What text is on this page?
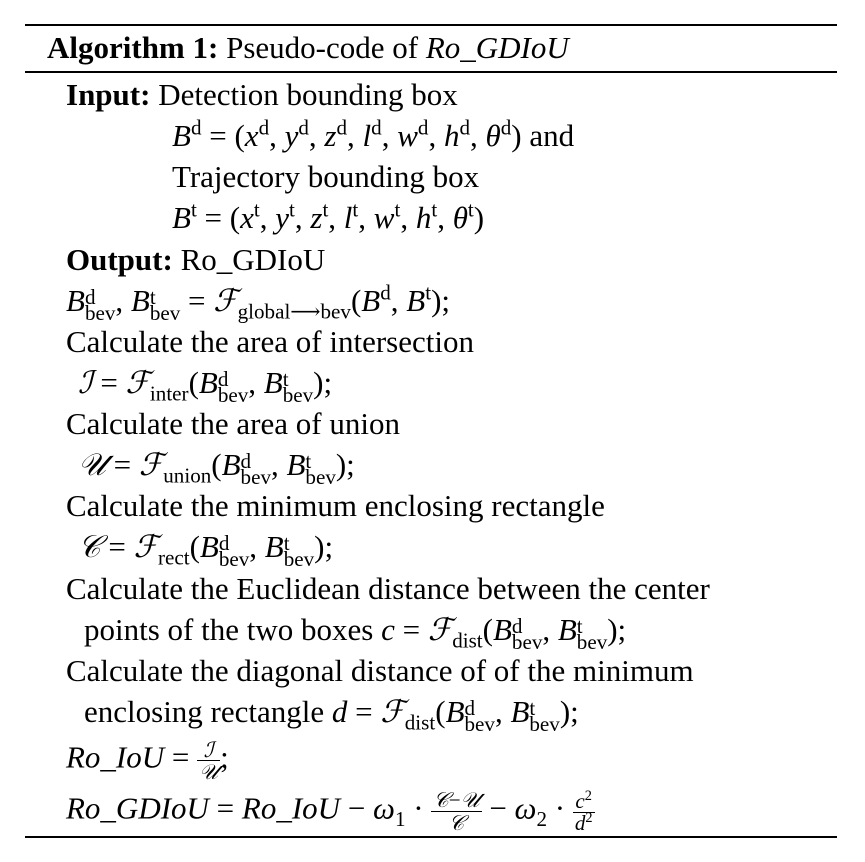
Algorithm 1: Pseudo-code of Ro_GDIoU
Input: Detection bounding box
$B^d = (x^d$, $y^d$, $z^d$, $l^d$, $w^d$, $h^d$, $\theta^d$) and
Trajectory bounding box
$B^t = (x^t$, $y^t$, $z^t$, $l^t$, $w^t$, $h^t$, $\theta^t$)
Output: Ro_GDIoU
B d
bev , B t
bev = $ℱ_{global⟶bev}(B^d$, $B^t$);
Calculate the area of intersection
ℐ = ℱ$_{inter}$(B d
bev , B t
bev );
Calculate the area of union
𝒰 = ℱ$_{union}$(B d
bev , B t
bev );
Calculate the minimum enclosing rectangle
𝒞 = ℱ$_{rect}$(B d
bev , B t
bev );
Calculate the Euclidean distance between the center
points of the two boxes c = ℱ$_{dist}$(B d
bev , B t
bev );
Calculate the diagonal distance of of the minimum
enclosing rectangle d = ℱ$_{dist}$(B d
bev , B t
bev );
Ro_IoU = $\frac{\text{ℐ}}{\text{𝒰}}$ ;
Ro_GDIoU = Ro_IoU − $\omega_1 \cdot \frac{\text{𝒞−𝒰}}{\text{𝒞}} - \omega_2 \cdot \frac{c^2}{d^2}$
